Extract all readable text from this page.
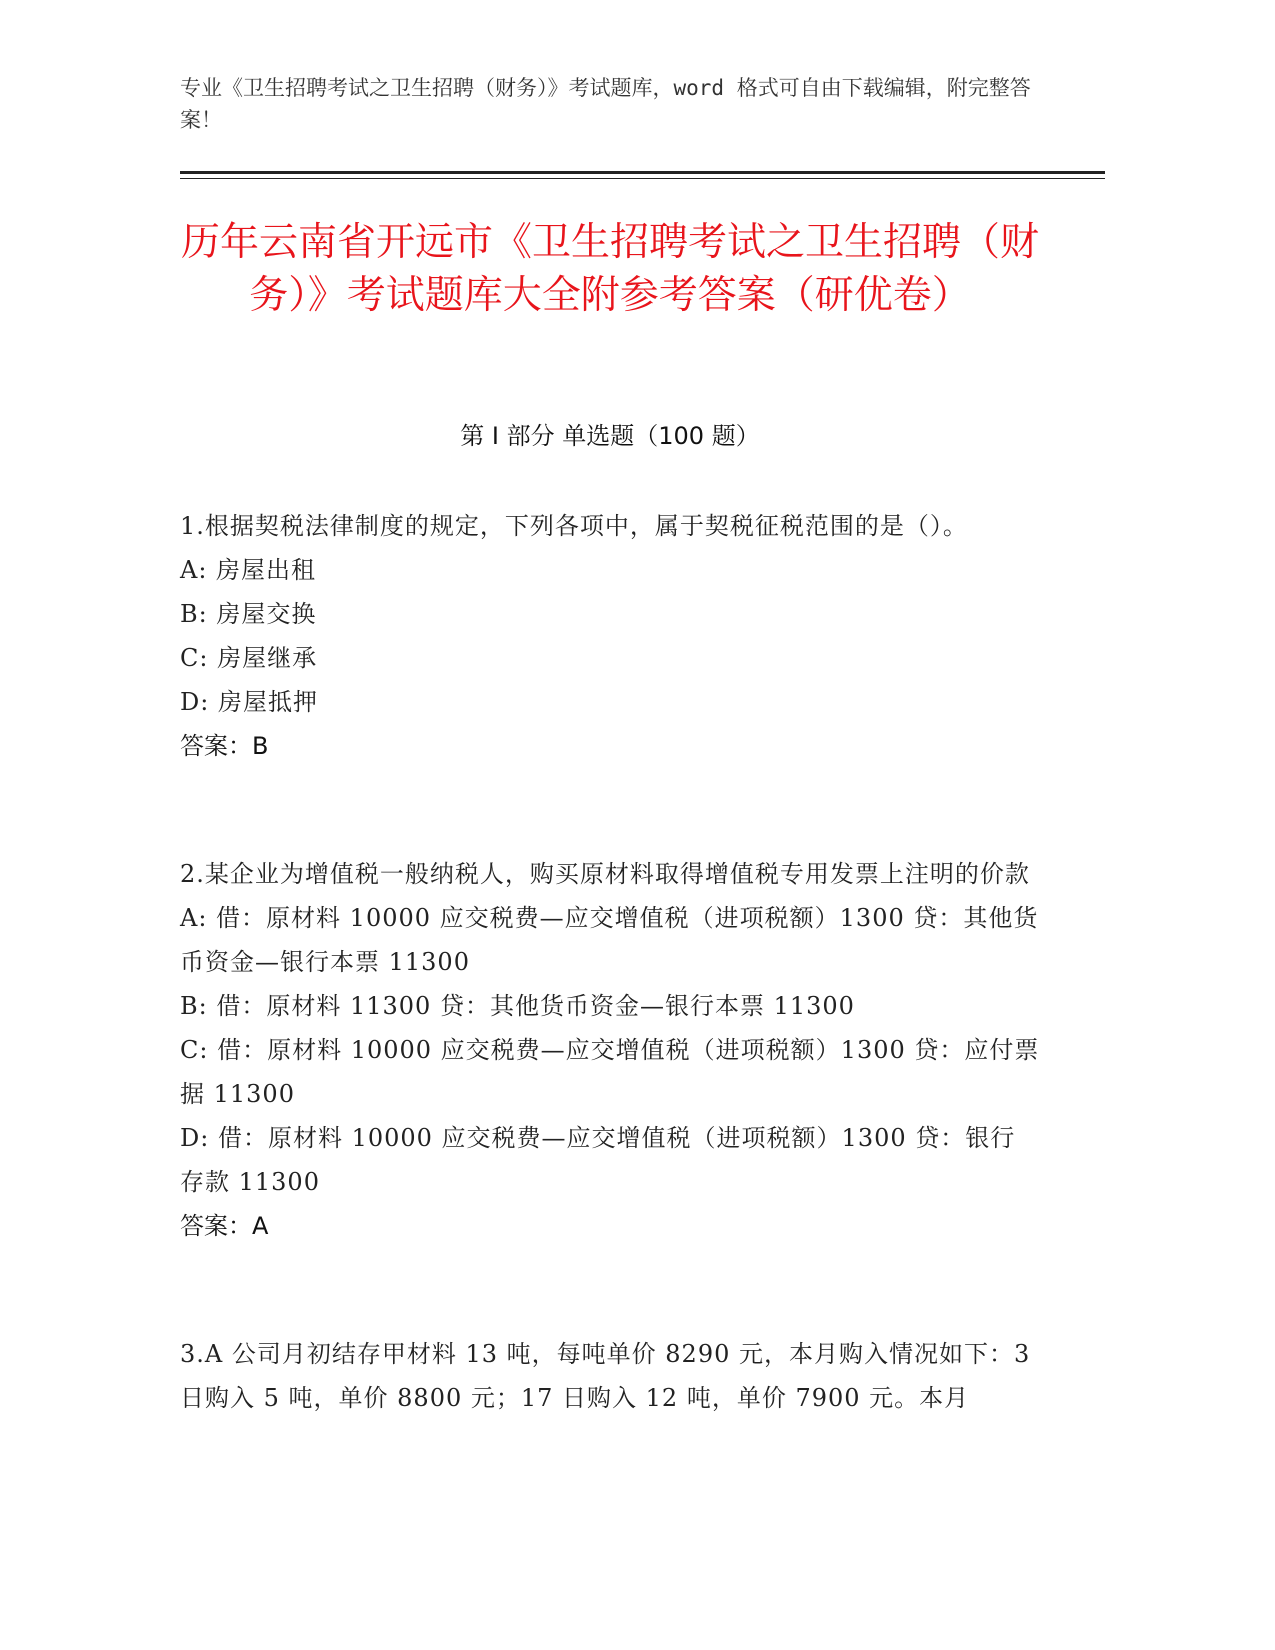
专业《卫生招聘考试之卫生招聘（财务）》考试题库，word 格式可自由下载编辑，附完整答案！
历年云南省开远市《卫生招聘考试之卫生招聘（财务）》考试题库大全附参考答案（研优卷）
第 I 部分 单选题（100 题）

1.根据契税法律制度的规定，下列各项中，属于契税征税范围的是（）。

A: 房屋出租

B: 房屋交换

C: 房屋继承

D: 房屋抵押

答案：B

2.某企业为增值税一般纳税人，购买原材料取得增值税专用发票上注明的价款

A: 借：原材料 10000 应交税费—应交增值税（进项税额）1300 贷：其他货币资金—银行本票 11300

B: 借：原材料 11300 贷：其他货币资金—银行本票 11300

C: 借：原材料 10000 应交税费—应交增值税（进项税额）1300 贷：应付票据 11300

D: 借：原材料 10000 应交税费—应交增值税（进项税额）1300 贷：银行存款 11300

答案：A

3.A 公司月初结存甲材料 13 吨，每吨单价 8290 元，本月购入情况如下：3 日购入 5 吨，单价 8800 元；17 日购入 12 吨，单价 7900 元。本月
